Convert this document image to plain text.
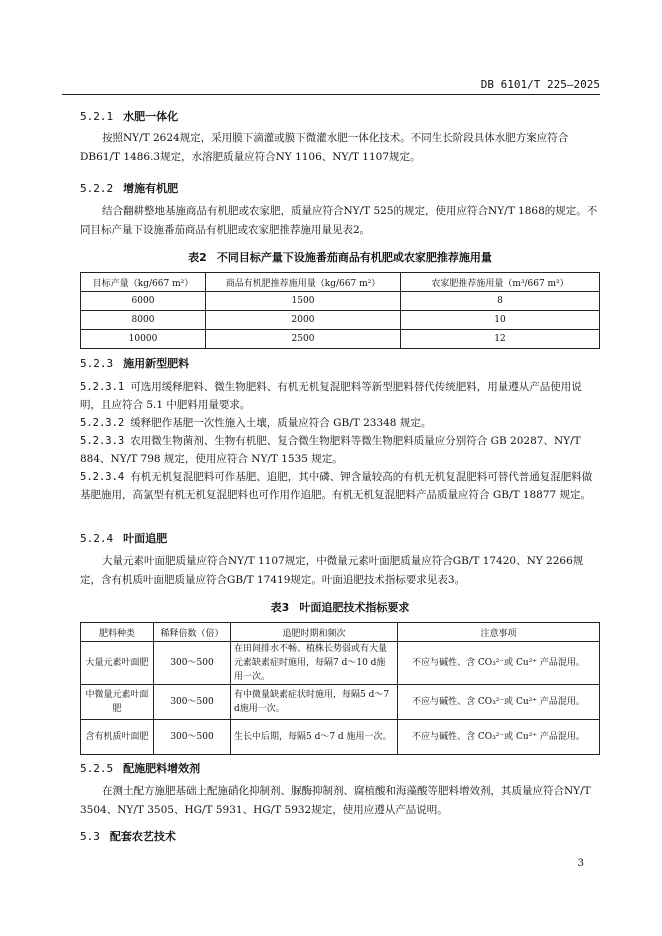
DB 6101/T 225—2025
5.2.1 水肥一体化
按照NY/T 2624规定，采用膜下滴灌或膜下微灌水肥一体化技术。不同生长阶段具体水肥方案应符合DB61/T 1486.3规定，水溶肥质量应符合NY 1106、NY/T 1107规定。
5.2.2 增施有机肥
结合翻耕整地基施商品有机肥或农家肥，质量应符合NY/T 525的规定，使用应符合NY/T 1868的规定。不同目标产量下设施番茄商品有机肥或农家肥推荐施用量见表2。
表2 不同目标产量下设施番茄商品有机肥或农家肥推荐施用量
目标产量（kg/667 m²）	商品有机肥推荐施用量（kg/667 m²）	农家肥推荐施用量（m³/667 m²）
6000	1500	8
8000	2000	10
10000	2500	12
5.2.3 施用新型肥料
5.2.3.1 可选用缓释肥料、微生物肥料、有机无机复混肥料等新型肥料替代传统肥料，用量遵从产品使用说明，且应符合 5.1 中肥料用量要求。
5.2.3.2 缓释肥作基肥一次性施入土壤，质量应符合 GB/T 23348 规定。
5.2.3.3 农用微生物菌剂、生物有机肥、复合微生物肥料等微生物肥料质量应分别符合 GB 20287、NY/T 884、NY/T 798 规定，使用应符合 NY/T 1535 规定。
5.2.3.4 有机无机复混肥料可作基肥、追肥，其中磷、钾含量较高的有机无机复混肥料可替代普通复混肥料做基肥施用，高氯型有机无机复混肥料也可作用作追肥。有机无机复混肥料产品质量应符合 GB/T 18877 规定。
5.2.4 叶面追肥
大量元素叶面肥质量应符合NY/T 1107规定，中微量元素叶面肥质量应符合GB/T 17420、NY 2266规定，含有机质叶面肥质量应符合GB/T 17419规定。叶面追肥技术指标要求见表3。
表3 叶面追肥技术指标要求
肥料种类	稀释倍数（倍）	追肥时期和频次	注意事项
大量元素叶面肥	300～500	在田间排水不畅、植株长势弱或有大量元素缺素症时施用，每隔7 d～10 d施用一次。	不应与碱性、含 CO₃²⁻或 Cu²⁺ 产品混用。
中微量元素叶面肥	300～500	有中微量缺素症状时施用，每隔5 d～7 d施用一次。	不应与碱性、含 CO₃²⁻或 Cu²⁺ 产品混用。
含有机质叶面肥	300～500	生长中后期，每隔5 d～7 d 施用一次。	不应与碱性、含 CO₃²⁻或 Cu²⁺ 产品混用。
5.2.5 配施肥料增效剂
在测土配方施肥基础上配施硝化抑制剂、脲酶抑制剂、腐植酸和海藻酸等肥料增效剂，其质量应符合NY/T 3504、NY/T 3505、HG/T 5931、HG/T 5932规定，使用应遵从产品说明。
5.3 配套农艺技术
3
